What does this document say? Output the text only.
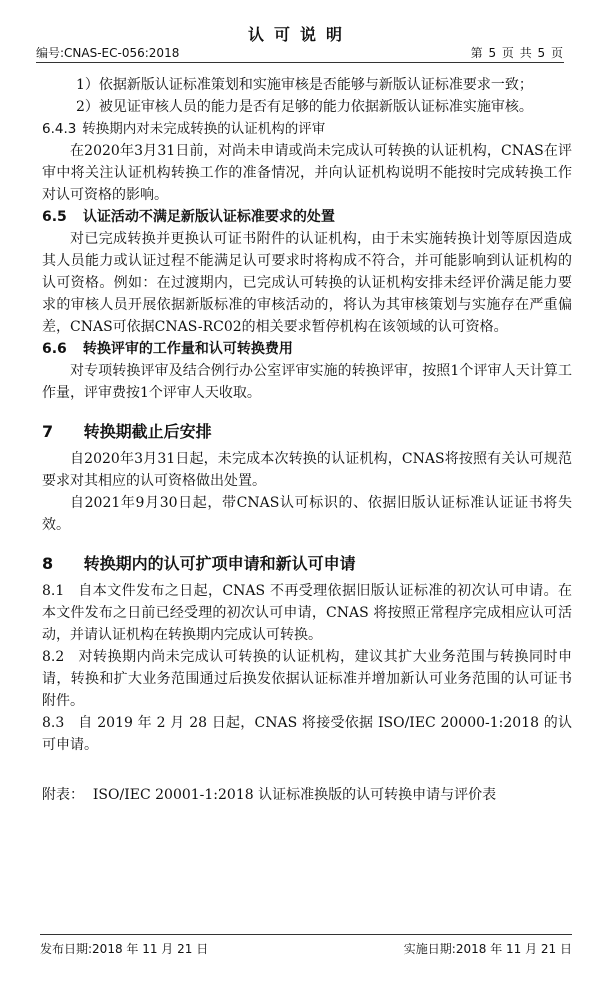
认可说明
编号:CNAS-EC-056:2018	第 5 页 共 5 页

1）依据新版认证标准策划和实施审核是否能够与新版认证标准要求一致；

2）被见证审核人员的能力是否有足够的能力依据新版认证标准实施审核。

6.4.3 转换期内对未完成转换的认证机构的评审

在2020年3月31日前，对尚未申请或尚未完成认可转换的认证机构，CNAS在评审中将关注认证机构转换工作的准备情况，并向认证机构说明不能按时完成转换工作对认可资格的影响。

6.5 认证活动不满足新版认证标准要求的处置

对已完成转换并更换认可证书附件的认证机构，由于未实施转换计划等原因造成其人员能力或认证过程不能满足认可要求时将构成不符合，并可能影响到认证机构的认可资格。例如：在过渡期内，已完成认可转换的认证机构安排未经评价满足能力要求的审核人员开展依据新版标准的审核活动的，将认为其审核策划与实施存在严重偏差，CNAS可依据CNAS-RC02的相关要求暂停机构在该领域的认可资格。

6.6 转换评审的工作量和认可转换费用

对专项转换评审及结合例行办公室评审实施的转换评审，按照1个评审人天计算工作量，评审费按1个评审人天收取。

7 转换期截止后安排

自2020年3月31日起，未完成本次转换的认证机构，CNAS将按照有关认可规范要求对其相应的认可资格做出处置。

自2021年9月30日起，带CNAS认可标识的、依据旧版认证标准认证证书将失效。

8 转换期内的认可扩项申请和新认可申请

8.1 自本文件发布之日起，CNAS 不再受理依据旧版认证标准的初次认可申请。在本文件发布之日前已经受理的初次认可申请，CNAS 将按照正常程序完成相应认可活动，并请认证机构在转换期内完成认可转换。

8.2 对转换期内尚未完成认可转换的认证机构，建议其扩大业务范围与转换同时申请，转换和扩大业务范围通过后换发依据认证标准并增加新认可业务范围的认可证书附件。

8.3 自 2019 年 2 月 28 日起，CNAS 将接受依据 ISO/IEC 20000-1:2018 的认可申请。

附表： ISO/IEC 20001-1:2018 认证标准换版的认可转换申请与评价表

发布日期:2018 年 11 月 21 日	实施日期:2018 年 11 月 21 日
